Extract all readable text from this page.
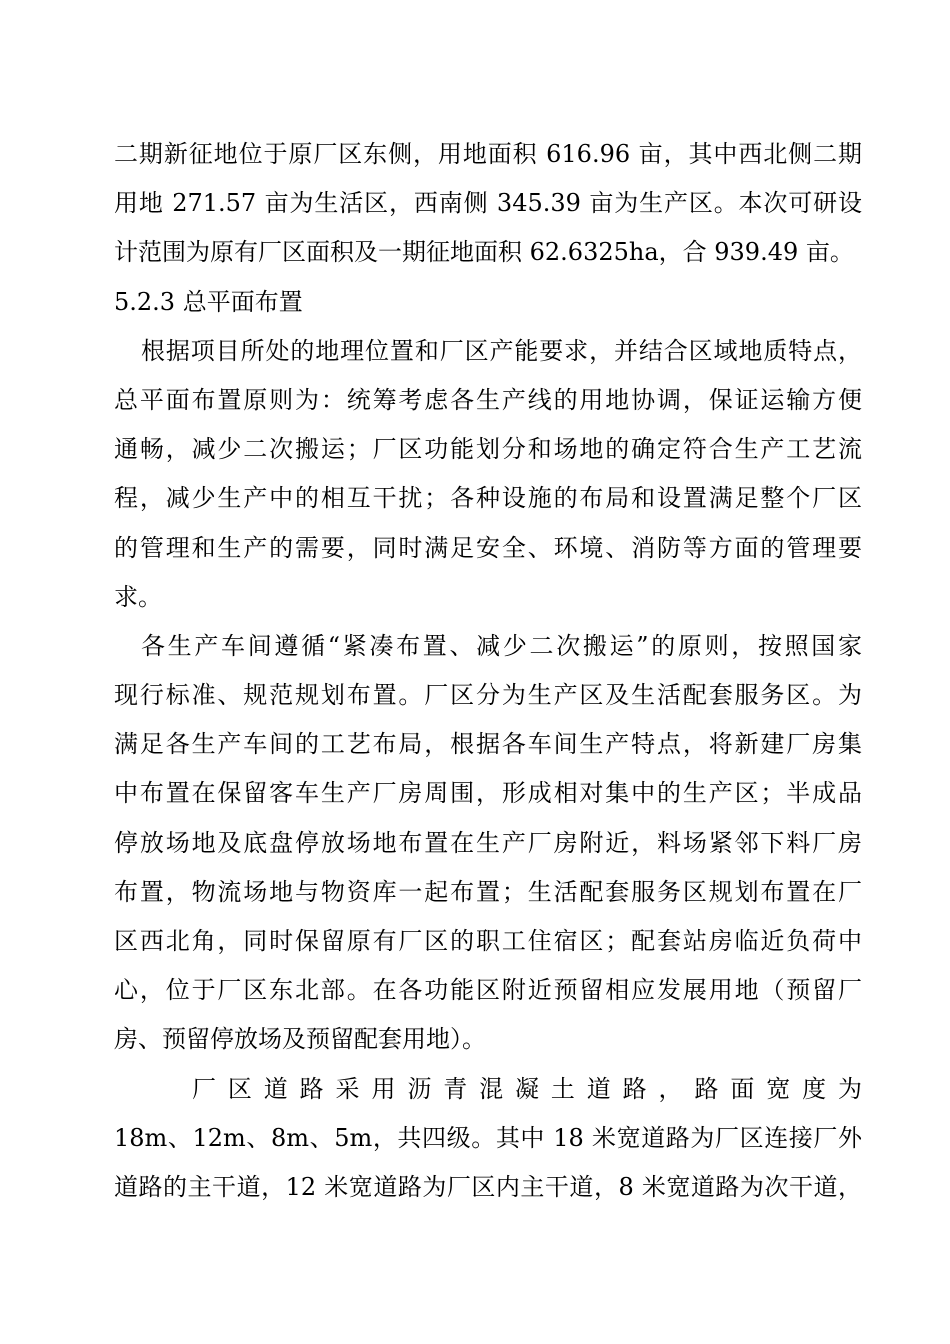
二期新征地位于原厂区东侧，用地面积 616.96 亩，其中西北侧二期
用地 271.57 亩为生活区，西南侧 345.39 亩为生产区。本次可研设
计范围为原有厂区面积及一期征地面积 62.6325ha，合 939.49 亩。
5.2.3 总平面布置
根据项目所处的地理位置和厂区产能要求，并结合区域地质特点，
总平面布置原则为：统筹考虑各生产线的用地协调，保证运输方便
通畅，减少二次搬运；厂区功能划分和场地的确定符合生产工艺流
程，减少生产中的相互干扰；各种设施的布局和设置满足整个厂区
的管理和生产的需要，同时满足安全、环境、消防等方面的管理要
求。
各生产车间遵循“紧凑布置、减少二次搬运”的原则，按照国家
现行标准、规范规划布置。厂区分为生产区及生活配套服务区。为
满足各生产车间的工艺布局，根据各车间生产特点，将新建厂房集
中布置在保留客车生产厂房周围，形成相对集中的生产区；半成品
停放场地及底盘停放场地布置在生产厂房附近，料场紧邻下料厂房
布置，物流场地与物资库一起布置；生活配套服务区规划布置在厂
区西北角，同时保留原有厂区的职工住宿区；配套站房临近负荷中
心，位于厂区东北部。在各功能区附近预留相应发展用地（预留厂
房、预留停放场及预留配套用地）。
厂区道路采用沥青混凝土道路，路面宽度为
18m、12m、8m、5m，共四级。其中 18 米宽道路为厂区连接厂外
道路的主干道，12 米宽道路为厂区内主干道，8 米宽道路为次干道，
